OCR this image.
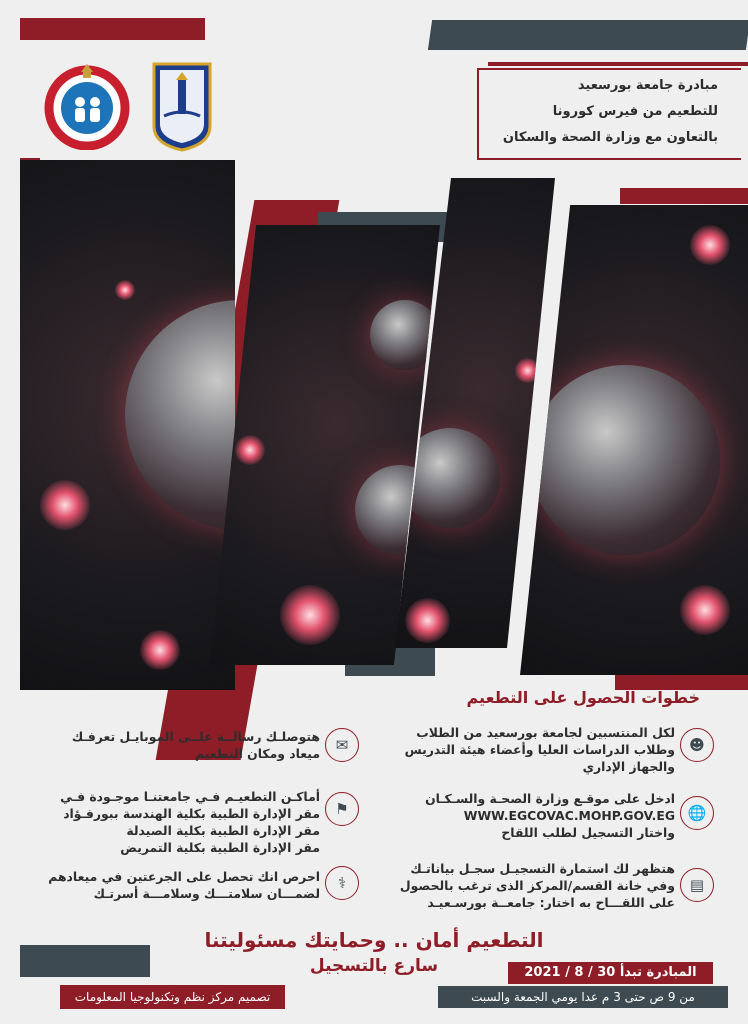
مبادرة جامعة بورسعيد
للتطعيم من فيرس كورونا
بالتعاون مع وزارة الصحة والسكان
خطوات الحصول على التطعيم
☻
لكل المنتسبين لجامعة بورسعيد من الطلاب
وطلاب الدراسات العليا وأعضاء هيئة التدريس
والجهاز الإداري
🌐
ادخل على موقـع وزارة الصحـة والسـكـان
WWW.EGCOVAC.MOHP.GOV.EG
واختار التسجيل لطلب اللقاح
▤
هتظهر لك استمارة التسجيـل سجـل بياناتـك
وفي خانة القسم/المركز الذى ترغب بالحصول
على اللقـــاح به اختار: جامعــة بورسـعيـد
✉
هتوصلـك رسالــة علــى الموبايـل تعرفـك
ميعاد ومكان التطعيم
⚑
أماكـن التطعيـم فـي جامعتنـا موجـودة فـي
مقر الإدارة الطبية بكلية الهندسة ببورفـؤاد
مقر الإدارة الطبية بكلية الصيدلة
مقر الإدارة الطبية بكلية التمريض
⚕
احرص انك تحصل على الجرعتين في ميعادهم
لضمـــان سلامتـــك وسلامـــة أسرتـك
التطعيم أمان .. وحمايتك مسئوليتنا
سارع بالتسجيل
تصميم مركز نظم وتكنولوجيا المعلومات
المبادرة تبدأ 30 / 8 / 2021
من 9 ص حتى 3 م عدا يومي الجمعة والسبت
